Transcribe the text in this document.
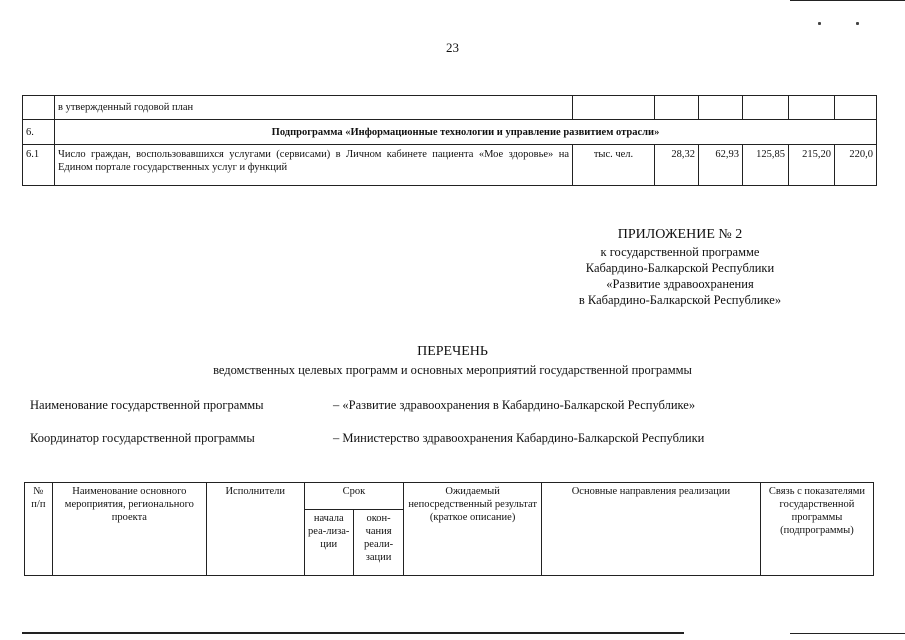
23
	в утвержденный годовой план						
6.	Подпрограмма «Информационные технологии и управление развитием отрасли»						
6.1	Число граждан, воспользовавшихся услугами (сервисами) в Личном кабинете пациента «Мое здоровье» на Едином портале государственных услуг и функций	тыс. чел.	28,32	62,93	125,85	215,20	220,0
ПРИЛОЖЕНИЕ № 2
к государственной программе
Кабардино-Балкарской Республики
«Развитие здравоохранения
в Кабардино-Балкарской Республике»
ПЕРЕЧЕНЬ
ведомственных целевых программ и основных мероприятий государственной программы
Наименование государственной программы	– «Развитие здравоохранения в Кабардино-Балкарской Республике»
Координатор государственной программы	– Министерство здравоохранения Кабардино-Балкарской Республики
№ п/п	Наименование основного мероприятия, регионального проекта	Исполнители	Срок		Ожидаемый непосредственный результат (краткое описание)	Основные направления реализации	Связь с показателями государственной программы (подпрограммы)
			начала реа-лиза-ции	окон-чания реали-зации			
